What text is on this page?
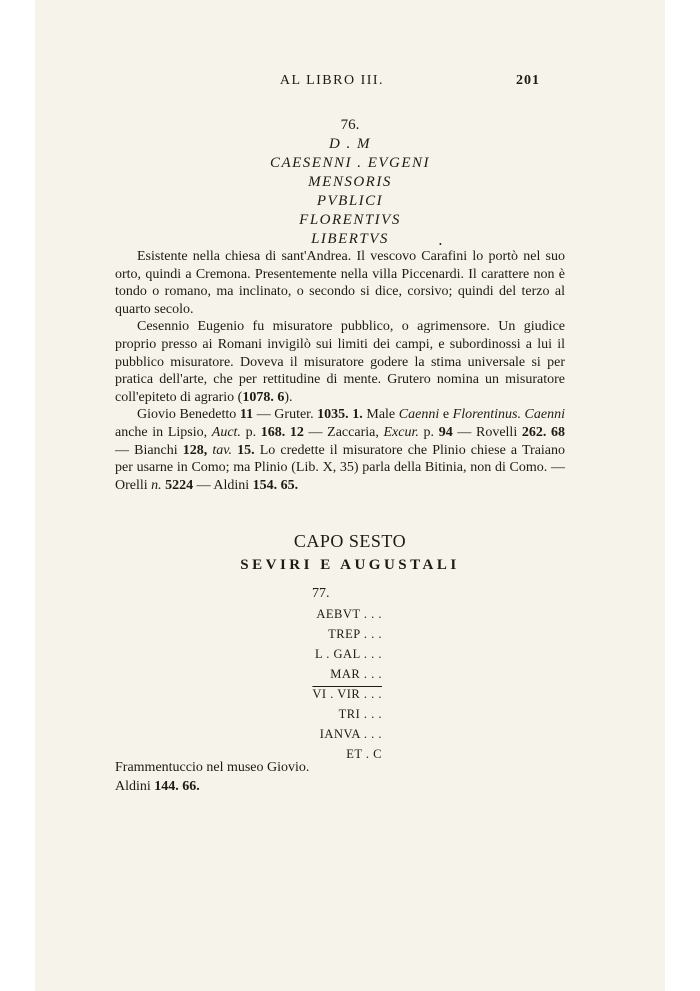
AL LIBRO III.	201
76.
D . M
CAESENNI . EVGENI
MENSORIS
PVBLICI
FLORENTIVS
LIBERTVS	•

Esistente nella chiesa di sant'Andrea. Il vescovo Carafini lo portò nel suo orto, quindi a Cremona. Presentemente nella villa Piccenardi. Il carattere non è tondo o romano, ma inclinato, o secondo si dice, corsivo; quindi del terzo al quarto secolo.

Cesennio Eugenio fu misuratore pubblico, o agrimensore. Un giudice proprio presso ai Romani invigilò sui limiti dei campi, e subordinossi a lui il pubblico misuratore. Doveva il misuratore godere la stima universale si per pratica dell'arte, che per rettitudine di mente. Grutero nomina un misuratore coll'epiteto di agrario (1078. 6).

Giovio Benedetto 11 — Gruter. 1035. 1. Male Caenni e Florentinus. Caenni anche in Lipsio, Auct. p. 168. 12 — Zaccaria, Excur. p. 94 — Rovelli 262. 68 — Bianchi 128, tav. 15. Lo credette il misuratore che Plinio chiese a Traiano per usarne in Como; ma Plinio (Lib. X, 35) parla della Bitinia, non di Como. — Orelli n. 5224 — Aldini 154. 65.

CAPO SESTO
SEVIRI E AUGUSTALI
77.
AEBVT . . .
TREP . . .
L . GAL . . .
MAR . . .
VI . VIR . . .
TRI . . .
IANVA . . .
ET . C
Frammentuccio nel museo Giovio.
Aldini 144. 66.
